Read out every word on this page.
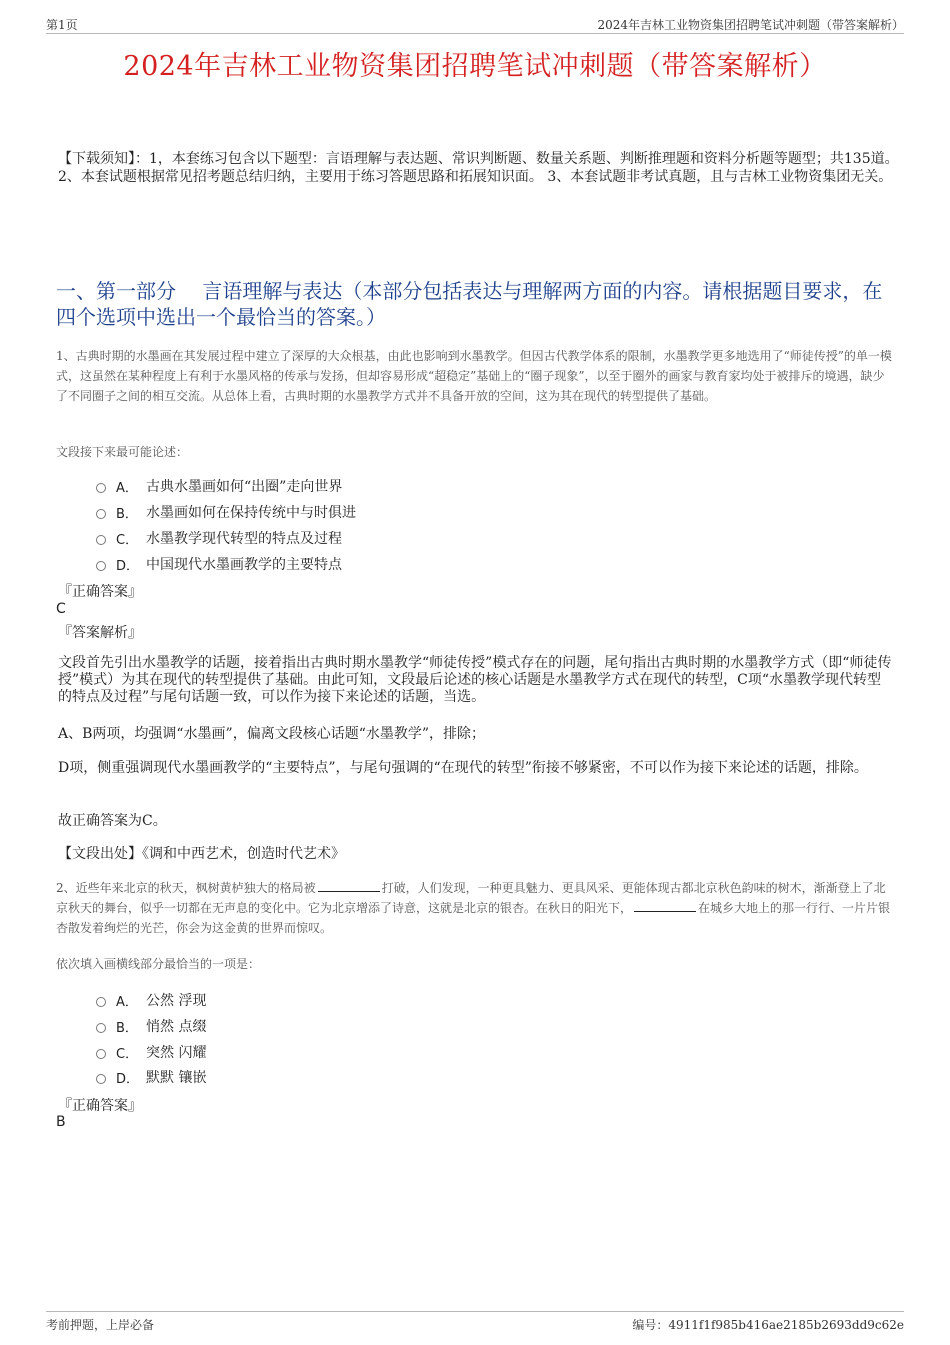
第1页	2024年吉林工业物资集团招聘笔试冲刺题（带答案解析）
2024年吉林工业物资集团招聘笔试冲刺题（带答案解析）
【下载须知】：1，本套练习包含以下题型：言语理解与表达题、常识判断题、数量关系题、判断推理题和资料分析题等题型；共135道。 2、本套试题根据常见招考题总结归纳，主要用于练习答题思路和拓展知识面。 3、本套试题非考试真题，且与吉林工业物资集团无关。
一、第一部分　 言语理解与表达（本部分包括表达与理解两方面的内容。请根据题目要求，在四个选项中选出一个最恰当的答案。）
1、古典时期的水墨画在其发展过程中建立了深厚的大众根基，由此也影响到水墨教学。但因古代教学体系的限制，水墨教学更多地选用了“师徒传授”的单一模式，这虽然在某种程度上有利于水墨风格的传承与发扬，但却容易形成“超稳定”基础上的“圈子现象”，以至于圈外的画家与教育家均处于被排斥的境遇，缺少了不同圈子之间的相互交流。从总体上看，古典时期的水墨教学方式并不具备开放的空间，这为其在现代的转型提供了基础。
文段接下来最可能论述：
A． 古典水墨画如何“出圈”走向世界
B． 水墨画如何在保持传统中与时俱进
C． 水墨教学现代转型的特点及过程
D． 中国现代水墨画教学的主要特点
『正确答案』
C
『答案解析』
文段首先引出水墨教学的话题，接着指出古典时期水墨教学“师徒传授”模式存在的问题，尾句指出古典时期的水墨教学方式（即“师徒传授”模式）为其在现代的转型提供了基础。由此可知，文段最后论述的核心话题是水墨教学方式在现代的转型，C项“水墨教学现代转型的特点及过程”与尾句话题一致，可以作为接下来论述的话题，当选。
A、B两项，均强调“水墨画”，偏离文段核心话题“水墨教学”，排除；
D项，侧重强调现代水墨画教学的“主要特点”，与尾句强调的“在现代的转型”衔接不够紧密，不可以作为接下来论述的话题，排除。
故正确答案为C。
【文段出处】《调和中西艺术，创造时代艺术》
2、近些年来北京的秋天，枫树黄栌独大的格局被	打破，人们发现，一种更具魅力、更具风采、更能体现古都北京秋色韵味的树木，渐渐登上了北京秋天的舞台，似乎一切都在无声息的变化中。它为北京增添了诗意，这就是北京的银杏。在秋日的阳光下，	在城乡大地上的那一行行、一片片银杏散发着绚烂的光芒，你会为这金黄的世界而惊叹。
依次填入画横线部分最恰当的一项是：
A． 公然 浮现
B． 悄然 点缀
C． 突然 闪耀
D． 默默 镶嵌
『正确答案』
B
考前押题，上岸必备	编号：4911f1f985b416ae2185b2693dd9c62e
